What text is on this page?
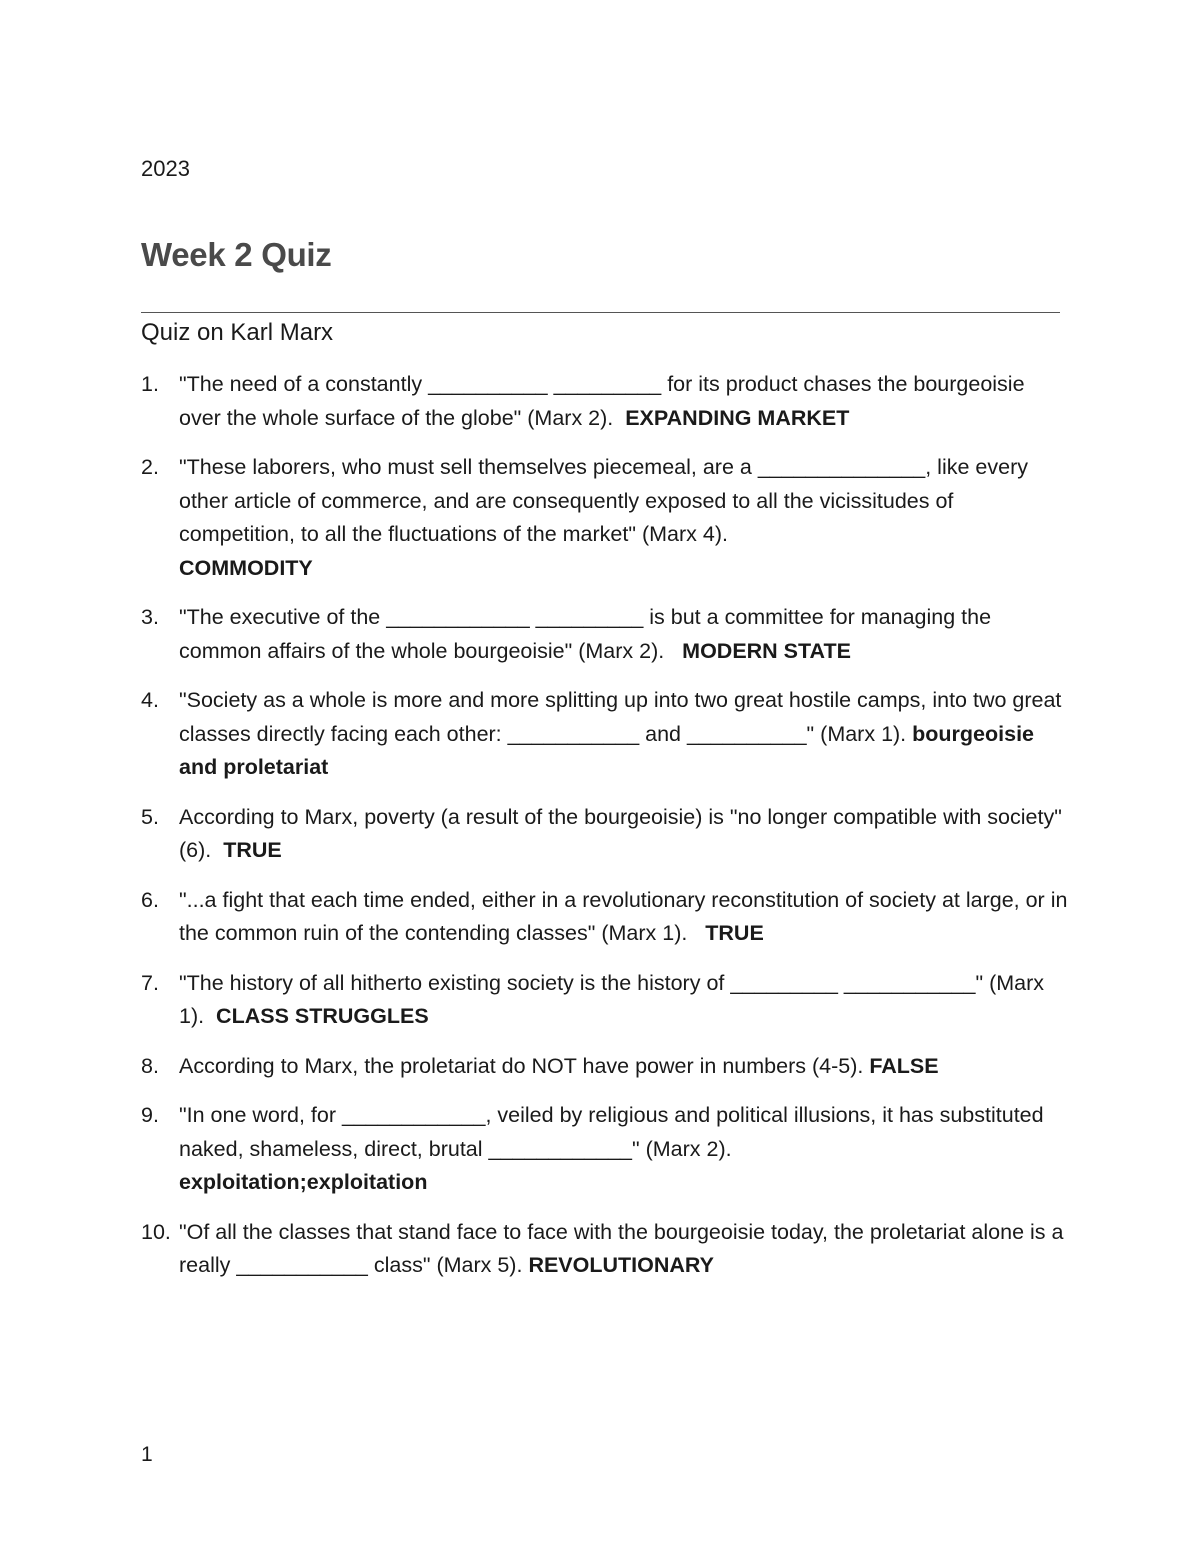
2023
Week 2 Quiz
Quiz on Karl Marx
1. "The need of a constantly __________ _________ for its product chases the bourgeoisie over the whole surface of the globe" (Marx 2). EXPANDING MARKET
2. "These laborers, who must sell themselves piecemeal, are a ______________, like every other article of commerce, and are consequently exposed to all the vicissitudes of competition, to all the fluctuations of the market" (Marx 4).
COMMODITY
3. "The executive of the ____________ _________ is but a committee for managing the common affairs of the whole bourgeoisie" (Marx 2). MODERN STATE
4. "Society as a whole is more and more splitting up into two great hostile camps, into two great classes directly facing each other: ___________ and __________" (Marx 1). bourgeoisie and proletariat
5. According to Marx, poverty (a result of the bourgeoisie) is "no longer compatible with society" (6). TRUE
6. "...a fight that each time ended, either in a revolutionary reconstitution of society at large, or in the common ruin of the contending classes" (Marx 1). TRUE
7. "The history of all hitherto existing society is the history of _________ ___________" (Marx 1). CLASS STRUGGLES
8. According to Marx, the proletariat do NOT have power in numbers (4-5). FALSE
9. "In one word, for ____________, veiled by religious and political illusions, it has substituted naked, shameless, direct, brutal ____________" (Marx 2).
exploitation;exploitation
10. "Of all the classes that stand face to face with the bourgeoisie today, the proletariat alone is a really ___________ class" (Marx 5). REVOLUTIONARY
1
